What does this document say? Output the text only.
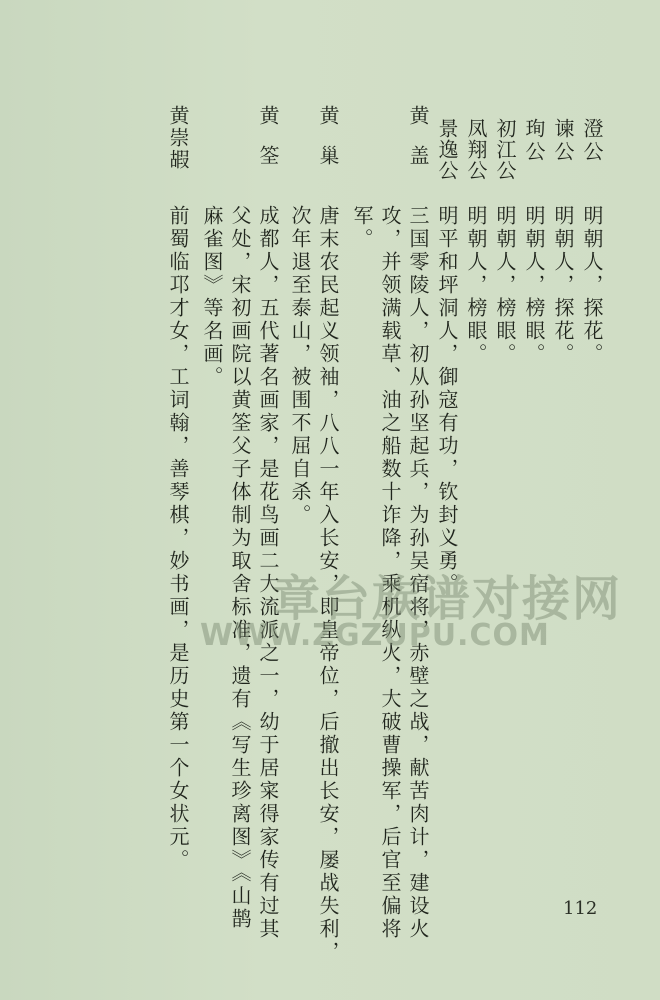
澄公
明朝人，探花。
谏公
明朝人，探花。
珣公
明朝人，榜眼。
初江公
明朝人，榜眼。
凤翔公
明朝人，榜眼。
景逸公
明平和坪洞人，御寇有功，钦封义勇。
黄盖
三国零陵人，初从孙坚起兵，为孙吴宿将，赤壁之战，献苦肉计，建设火
攻，并领满载草、油之船数十诈降，乘机纵火，大破曹操军，后官至偏将
军。
黄巢
唐末农民起义领袖，八八一年入长安，即皇帝位，后撤出长安，屡战失利，
次年退至泰山，被围不屈自杀。
黄筌
成都人，五代著名画家，是花鸟画二大流派之一，幼于居寀得家传有过其
父处，宋初画院以黄筌父子体制为取舍标准，遗有《写生珍离图》《山鹊
麻雀图》等名画。
黄崇嘏
前蜀临邛才女，工词翰，善琴棋，妙书画，是历史第一个女状元。 章台族谱对接网
WWW.ZGZUPU.COM
112
